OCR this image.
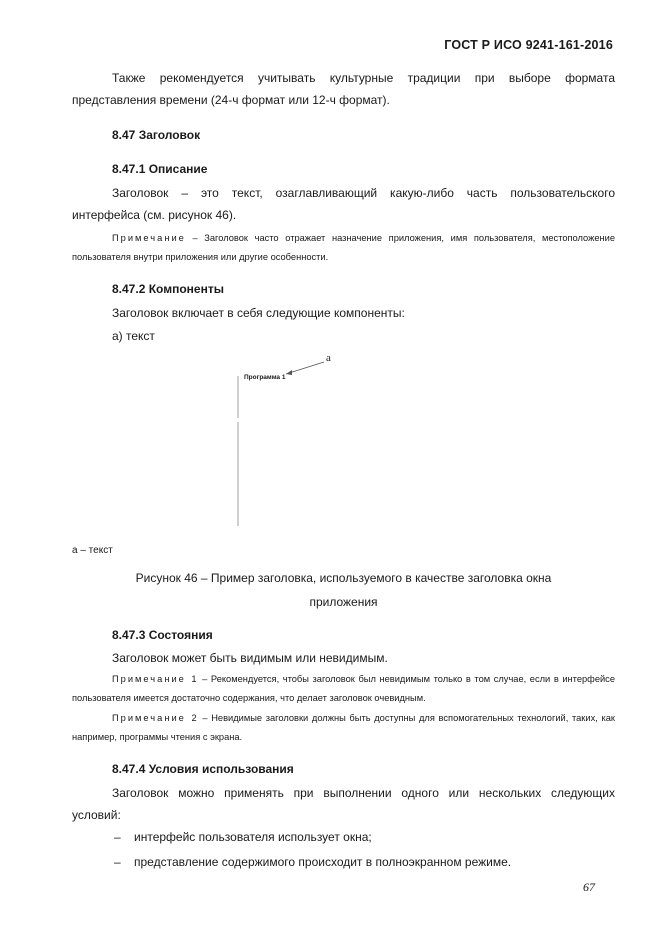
ГОСТ Р ИСО 9241-161-2016

Также рекомендуется учитывать культурные традиции при выборе формата представления времени (24-ч формат или 12-ч формат).

8.47 Заголовок

8.47.1 Описание

Заголовок – это текст, озаглавливающий какую-либо часть пользовательского интерфейса (см. рисунок 46).

Примечание – Заголовок часто отражает назначение приложения, имя пользователя, местоположение пользователя внутри приложения или другие особенности.

8.47.2 Компоненты

Заголовок включает в себя следующие компоненты:

а) текст

Программа 1
a

а – текст

Рисунок 46 – Пример заголовка, используемого в качестве заголовка окна

приложения

8.47.3 Состояния

Заголовок может быть видимым или невидимым.

Примечание 1 – Рекомендуется, чтобы заголовок был невидимым только в том случае, если в интерфейсе пользователя имеется достаточно содержания, что делает заголовок очевидным.

Примечание 2 – Невидимые заголовки должны быть доступны для вспомогательных технологий, таких, как например, программы чтения с экрана.

8.47.4 Условия использования

Заголовок можно применять при выполнении одного или нескольких следующих условий:

– интерфейс пользователя использует окна;

– представление содержимого происходит в полноэкранном режиме.

67
